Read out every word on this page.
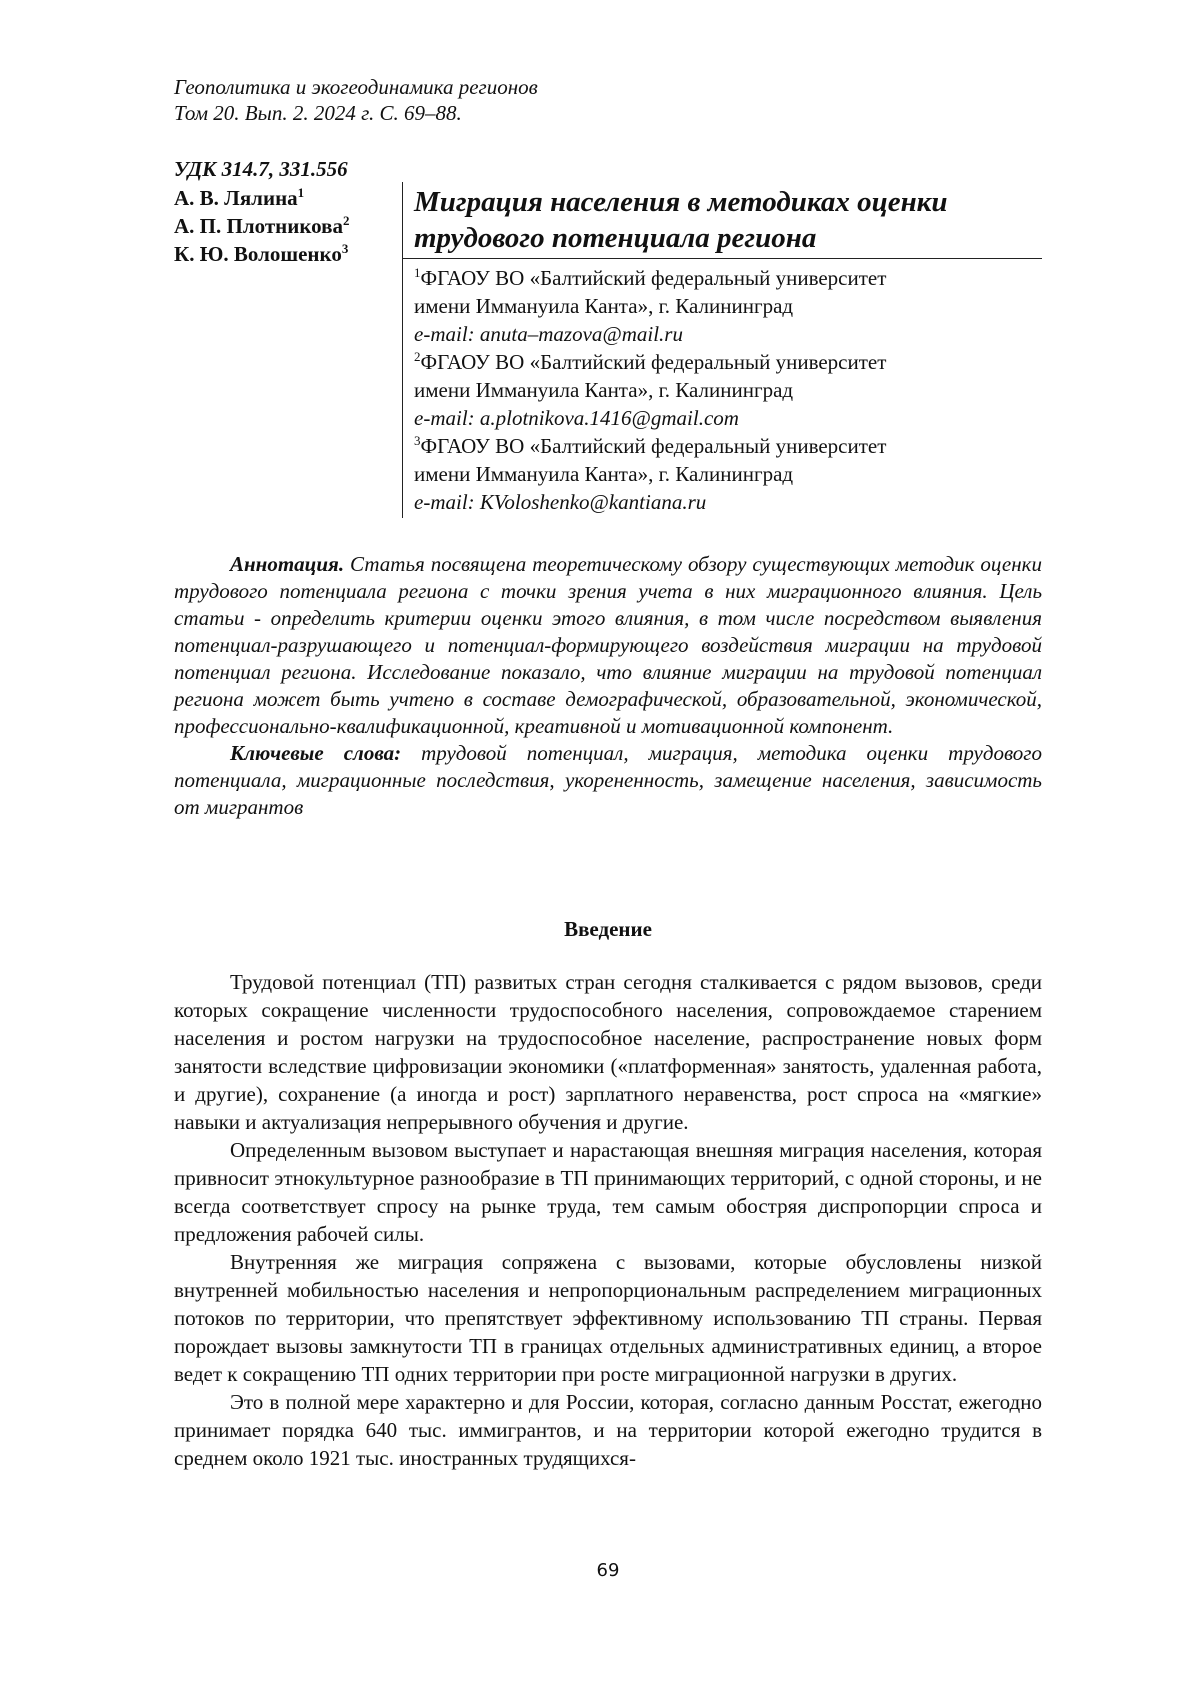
Геополитика и экогеодинамика регионов
Том 20. Вып. 2. 2024 г. С. 69–88.
УДК 314.7, 331.556
А. В. Лялина$^1$
А. П. Плотникова$^2$
К. Ю. Волошенко$^3$
Миграция населения в методиках оценки
трудового потенциала региона
$^1$ФГАОУ ВО «Балтийский федеральный университет
имени Иммануила Канта», г. Калининград
e-mail: anuta–mazova@mail.ru
$^2$ФГАОУ ВО «Балтийский федеральный университет
имени Иммануила Канта», г. Калининград
e-mail: a.plotnikova.1416@gmail.com
$^3$ФГАОУ ВО «Балтийский федеральный университет
имени Иммануила Канта», г. Калининград
e-mail: KVoloshenko@kantiana.ru

Аннотация. Статья посвящена теоретическому обзору существующих методик оценки трудового потенциала региона с точки зрения учета в них миграционного влияния. Цель статьи - определить критерии оценки этого влияния, в том числе посредством выявления потенциал-разрушающего и потенциал-формирующего воздействия миграции на трудовой потенциал региона. Исследование показало, что влияние миграции на трудовой потенциал региона может быть учтено в составе демографической, образовательной, экономической, профессионально-квалификационной, креативной и мотивационной компонент.

Ключевые слова: трудовой потенциал, миграция, методика оценки трудового потенциала, миграционные последствия, укорененность, замещение населения, зависимость от мигрантов

Введение

Трудовой потенциал (ТП) развитых стран сегодня сталкивается с рядом вызовов, среди которых сокращение численности трудоспособного населения, сопровождаемое старением населения и ростом нагрузки на трудоспособное население, распространение новых форм занятости вследствие цифровизации экономики («платформенная» занятость, удаленная работа, и другие), сохранение (а иногда и рост) зарплатного неравенства, рост спроса на «мягкие» навыки и актуализация непрерывного обучения и другие.

Определенным вызовом выступает и нарастающая внешняя миграция населения, которая привносит этнокультурное разнообразие в ТП принимающих территорий, с одной стороны, и не всегда соответствует спросу на рынке труда, тем самым обостряя диспропорции спроса и предложения рабочей силы.

Внутренняя же миграция сопряжена с вызовами, которые обусловлены низкой внутренней мобильностью населения и непропорциональным распределением миграционных потоков по территории, что препятствует эффективному использованию ТП страны. Первая порождает вызовы замкнутости ТП в границах отдельных административных единиц, а второе ведет к сокращению ТП одних территории при росте миграционной нагрузки в других.

Это в полной мере характерно и для России, которая, согласно данным Росстат, ежегодно принимает порядка 640 тыс. иммигрантов, и на территории которой ежегодно трудится в среднем около 1921 тыс. иностранных трудящихся-

69
